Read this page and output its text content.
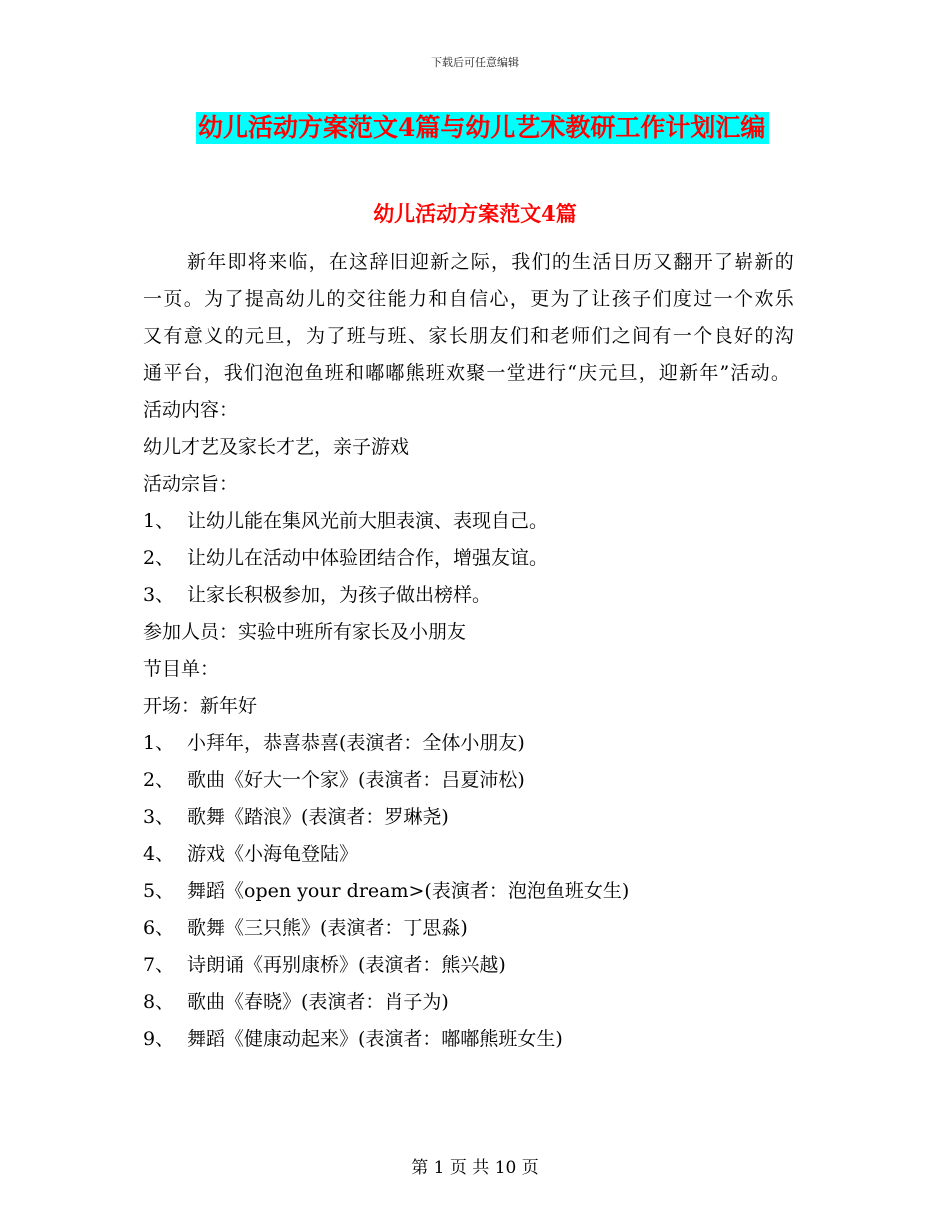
下载后可任意编辑
幼儿活动方案范文4篇与幼儿艺术教研工作计划汇编
幼儿活动方案范文4篇

新年即将来临，在这辞旧迎新之际，我们的生活日历又翻开了崭新的一页。为了提高幼儿的交往能力和自信心，更为了让孩子们度过一个欢乐又有意义的元旦，为了班与班、家长朋友们和老师们之间有一个良好的沟通平台，我们泡泡鱼班和嘟嘟熊班欢聚一堂进行“庆元旦，迎新年”活动。

活动内容：

幼儿才艺及家长才艺，亲子游戏

活动宗旨：

1、 让幼儿能在集风光前大胆表演、表现自己。

2、 让幼儿在活动中体验团结合作，增强友谊。

3、 让家长积极参加，为孩子做出榜样。

参加人员：实验中班所有家长及小朋友

节目单：

开场：新年好

1、 小拜年，恭喜恭喜(表演者：全体小朋友)

2、 歌曲《好大一个家》(表演者：吕夏沛松)

3、 歌舞《踏浪》(表演者：罗琳尧)

4、 游戏《小海龟登陆》

5、 舞蹈《open your dream>(表演者：泡泡鱼班女生)

6、 歌舞《三只熊》(表演者：丁思淼)

7、 诗朗诵《再别康桥》(表演者：熊兴越)

8、 歌曲《春晓》(表演者：肖子为)

9、 舞蹈《健康动起来》(表演者：嘟嘟熊班女生)

第 1 页 共 10 页
